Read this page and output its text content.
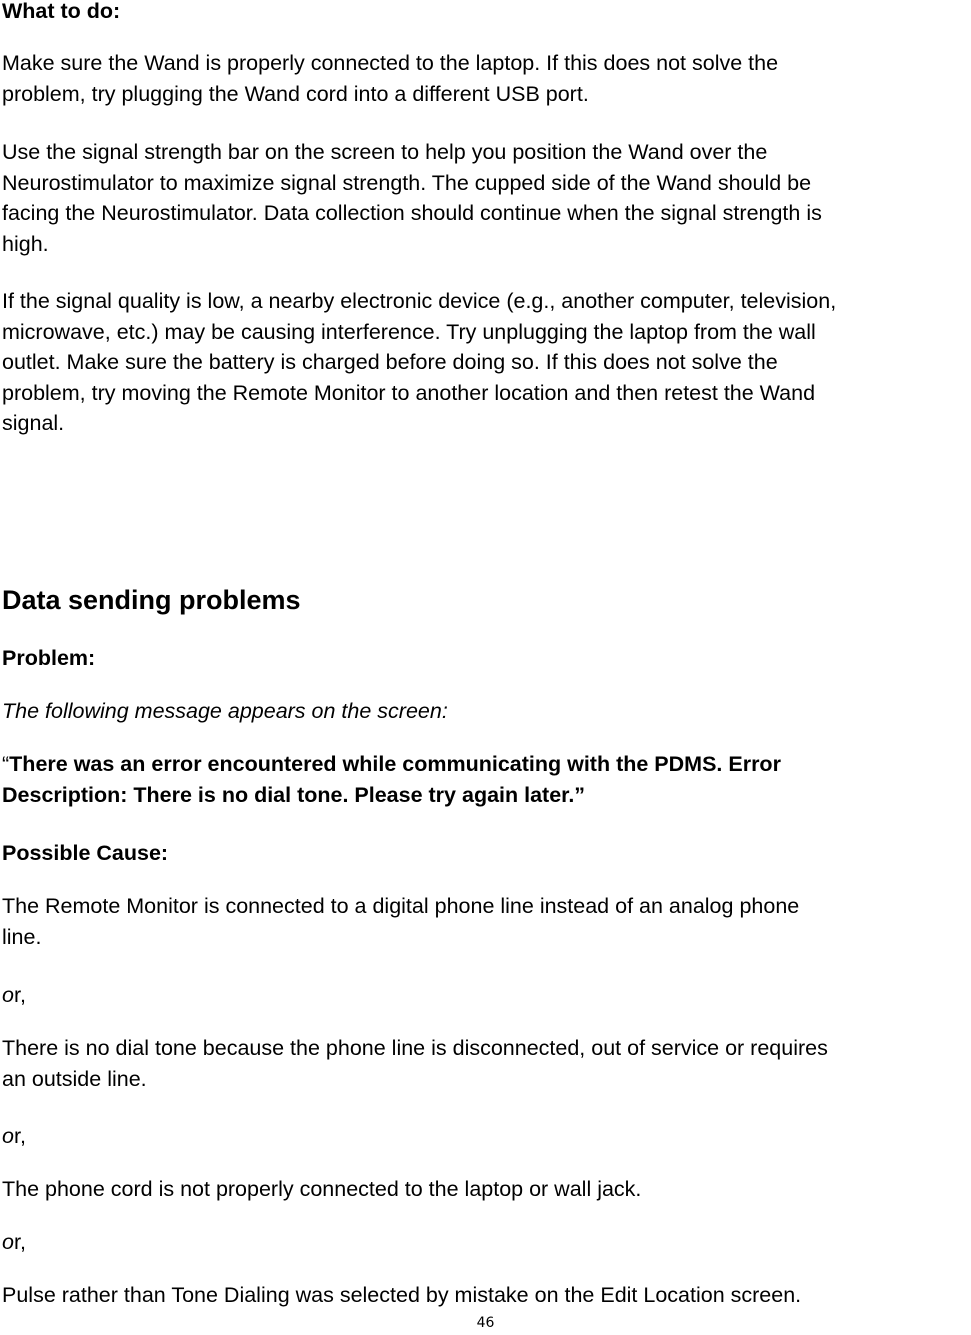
What to do:

Make sure the Wand is properly connected to the laptop. If this does not solve the
problem, try plugging the Wand cord into a different USB port.

Use the signal strength bar on the screen to help you position the Wand over the
Neurostimulator to maximize signal strength. The cupped side of the Wand should be
facing the Neurostimulator. Data collection should continue when the signal strength is
high.

If the signal quality is low, a nearby electronic device (e.g., another computer, television,
microwave, etc.) may be causing interference. Try unplugging the laptop from the wall
outlet. Make sure the battery is charged before doing so. If this does not solve the
problem, try moving the Remote Monitor to another location and then retest the Wand
signal.

Data sending problems

Problem:

The following message appears on the screen:

“There was an error encountered while communicating with the PDMS. Error
Description: There is no dial tone. Please try again later.”

Possible Cause:

The Remote Monitor is connected to a digital phone line instead of an analog phone
line.

or,

There is no dial tone because the phone line is disconnected, out of service or requires
an outside line.

or,

The phone cord is not properly connected to the laptop or wall jack.

or,

Pulse rather than Tone Dialing was selected by mistake on the Edit Location screen.

46
